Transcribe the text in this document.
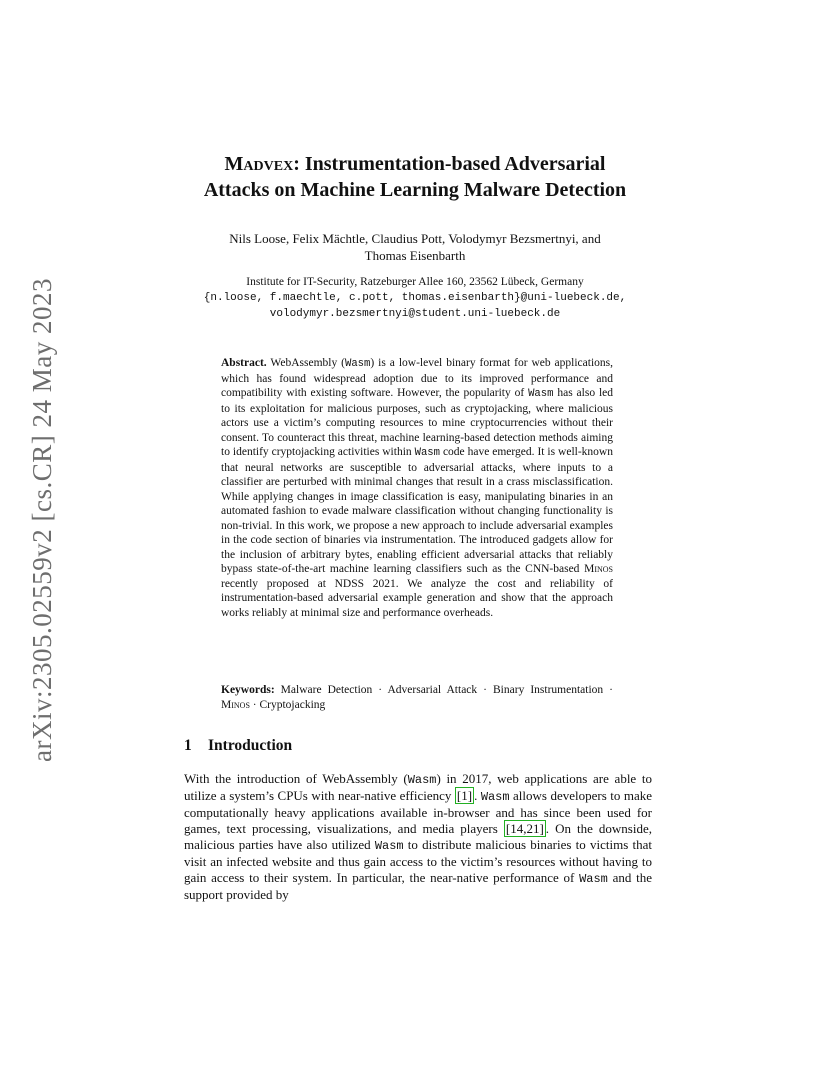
arXiv:2305.02559v2 [cs.CR] 24 May 2023
Madvex: Instrumentation-based Adversarial
Attacks on Machine Learning Malware Detection
Nils Loose, Felix Mächtle, Claudius Pott, Volodymyr Bezsmertnyi, and
Thomas Eisenbarth
Institute for IT-Security, Ratzeburger Allee 160, 23562 Lübeck, Germany
{n.loose, f.maechtle, c.pott, thomas.eisenbarth}@uni-luebeck.de,
volodymyr.bezsmertnyi@student.uni-luebeck.de
Abstract. WebAssembly (Wasm) is a low-level binary format for web applications, which has found widespread adoption due to its improved performance and compatibility with existing software. However, the popularity of Wasm has also led to its exploitation for malicious purposes, such as cryptojacking, where malicious actors use a victim’s computing resources to mine cryptocurrencies without their consent. To counteract this threat, machine learning-based detection methods aiming to identify cryptojacking activities within Wasm code have emerged. It is well-known that neural networks are susceptible to adversarial attacks, where inputs to a classifier are perturbed with minimal changes that result in a crass misclassification. While applying changes in image classification is easy, manipulating binaries in an automated fashion to evade malware classification without changing functionality is non-trivial. In this work, we propose a new approach to include adversarial examples in the code section of binaries via instrumentation. The introduced gadgets allow for the inclusion of arbitrary bytes, enabling efficient adversarial attacks that reliably bypass state-of-the-art machine learning classifiers such as the CNN-based Minos recently proposed at NDSS 2021. We analyze the cost and reliability of instrumentation-based adversarial example generation and show that the approach works reliably at minimal size and performance overheads.
Keywords: Malware Detection · Adversarial Attack · Binary Instrumentation · Minos · Cryptojacking
1 Introduction
With the introduction of WebAssembly (Wasm) in 2017, web applications are able to utilize a system’s CPUs with near-native efficiency [1] . Wasm allows developers to make computationally heavy applications available in-browser and has since been used for games, text processing, visualizations, and media players [14,21] . On the downside, malicious parties have also utilized Wasm to distribute malicious binaries to victims that visit an infected website and thus gain access to the victim’s resources without having to gain access to their system. In particular, the near-native performance of Wasm and the support provided by
